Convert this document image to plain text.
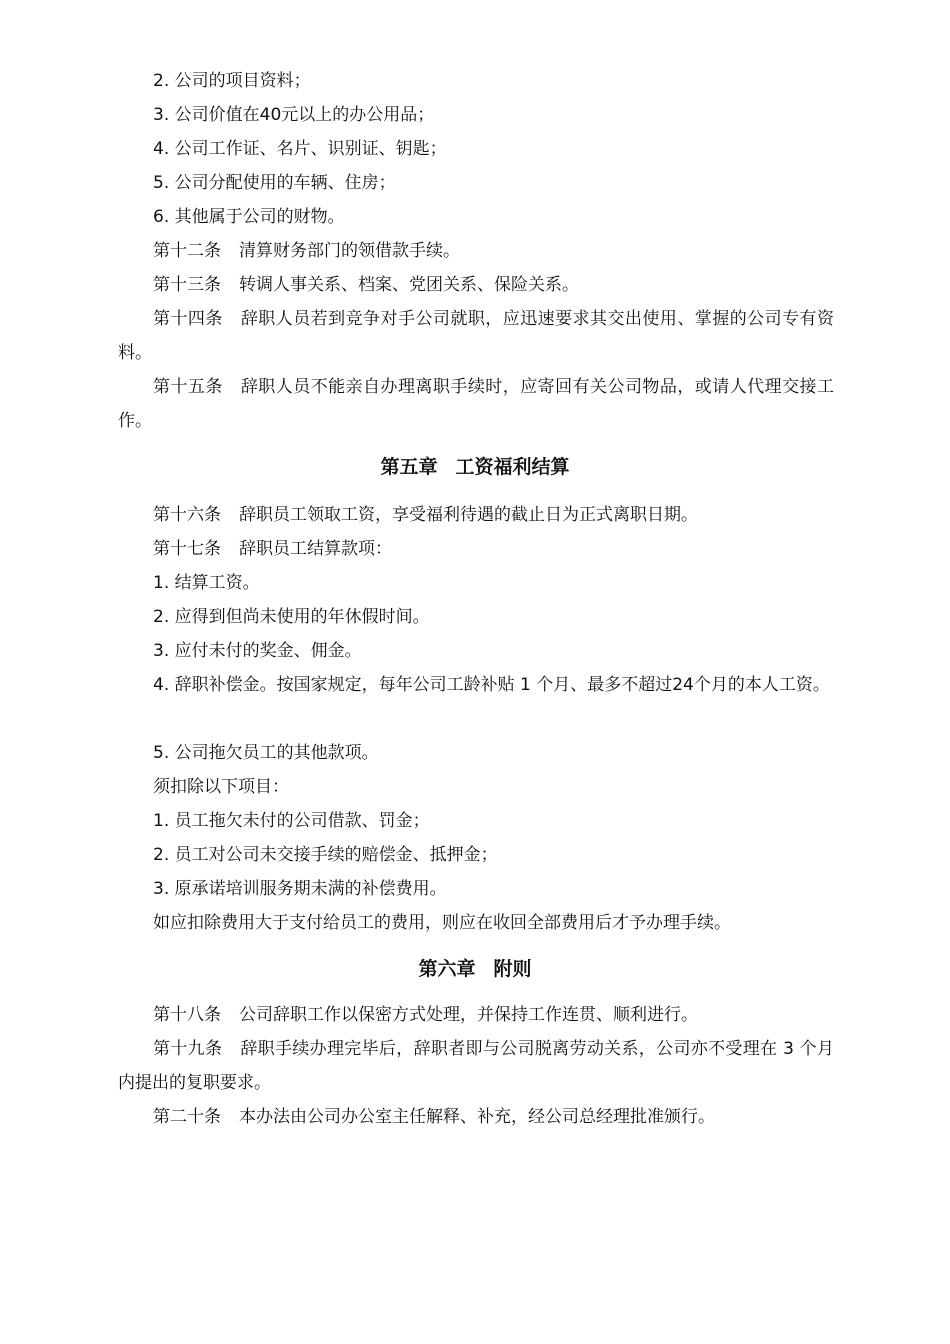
2. 公司的项目资料；

3. 公司价值在40元以上的办公用品；

4. 公司工作证、名片、识别证、钥匙；

5. 公司分配使用的车辆、住房；

6. 其他属于公司的财物。

第十二条 清算财务部门的领借款手续。

第十三条 转调人事关系、档案、党团关系、保险关系。

第十四条 辞职人员若到竞争对手公司就职，应迅速要求其交出使用、掌握的公司专有资料。

第十五条 辞职人员不能亲自办理离职手续时，应寄回有关公司物品，或请人代理交接工作。

第五章 工资福利结算

第十六条 辞职员工领取工资，享受福利待遇的截止日为正式离职日期。

第十七条 辞职员工结算款项：

1. 结算工资。

2. 应得到但尚未使用的年休假时间。

3. 应付未付的奖金、佣金。

4. 辞职补偿金。按国家规定，每年公司工龄补贴 1 个月、最多不超过24个月的本人工资。

5. 公司拖欠员工的其他款项。

须扣除以下项目：

1. 员工拖欠未付的公司借款、罚金；

2. 员工对公司未交接手续的赔偿金、抵押金；

3. 原承诺培训服务期未满的补偿费用。

如应扣除费用大于支付给员工的费用，则应在收回全部费用后才予办理手续。

第六章 附则

第十八条 公司辞职工作以保密方式处理，并保持工作连贯、顺利进行。

第十九条 辞职手续办理完毕后，辞职者即与公司脱离劳动关系，公司亦不受理在 3 个月内提出的复职要求。

第二十条 本办法由公司办公室主任解释、补充，经公司总经理批准颁行。
